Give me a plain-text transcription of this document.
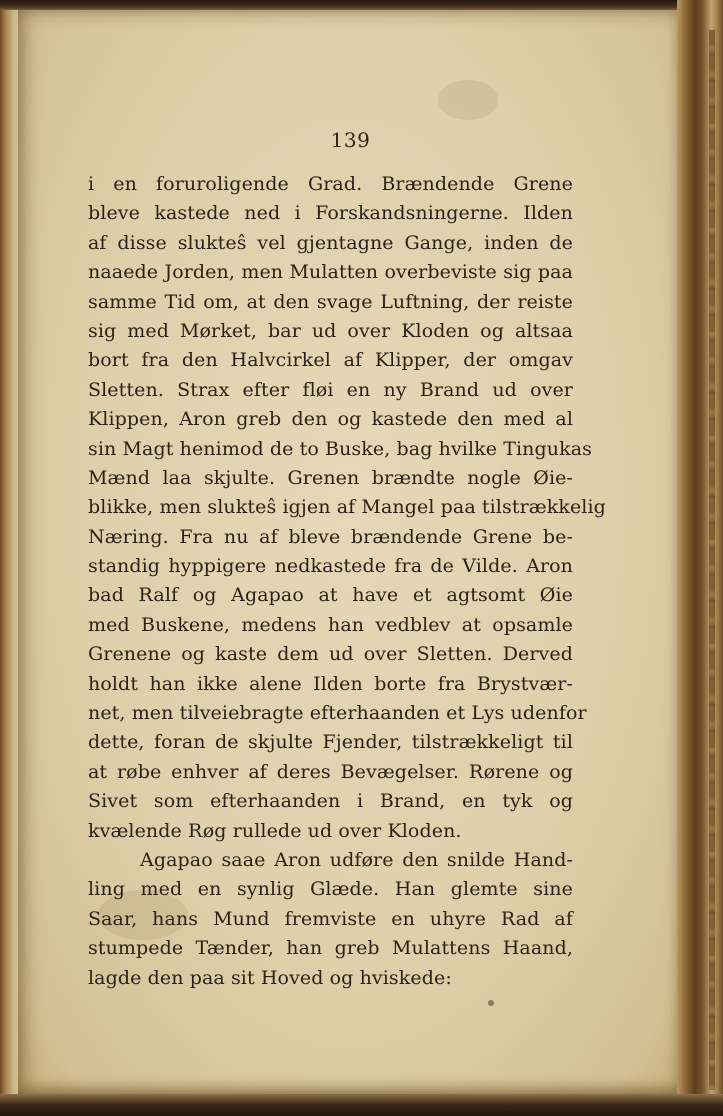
139
i en foruroligende Grad. Brændende Grene
bleve kastede ned i Forskandsningerne. Ilden
af disse slukteŝ vel gjentagne Gange, inden de
naaede Jorden, men Mulatten overbeviste sig paa
samme Tid om, at den svage Luftning, der reiste
sig med Mørket, bar ud over Kloden og altsaa
bort fra den Halvcirkel af Klipper, der omgav
Sletten. Strax efter fløi en ny Brand ud over
Klippen, Aron greb den og kastede den med al
sin Magt henimod de to Buske, bag hvilke Tingukas
Mænd laa skjulte. Grenen brændte nogle Øie-
blikke, men slukteŝ igjen af Mangel paa tilstrækkelig
Næring. Fra nu af bleve brændende Grene be-
standig hyppigere nedkastede fra de Vilde. Aron
bad Ralf og Agapao at have et agtsomt Øie
med Buskene, medens han vedblev at opsamle
Grenene og kaste dem ud over Sletten. Derved
holdt han ikke alene Ilden borte fra Brystvær-
net, men tilveiebragte efterhaanden et Lys udenfor
dette, foran de skjulte Fjender, tilstrækkeligt til
at røbe enhver af deres Bevægelser. Rørene og
Sivet som efterhaanden i Brand, en tyk og
kvælende Røg rullede ud over Kloden.
Agapao saae Aron udføre den snilde Hand-
ling med en synlig Glæde. Han glemte sine
Saar, hans Mund fremviste en uhyre Rad af
stumpede Tænder, han greb Mulattens Haand,
lagde den paa sit Hoved og hviskede:
